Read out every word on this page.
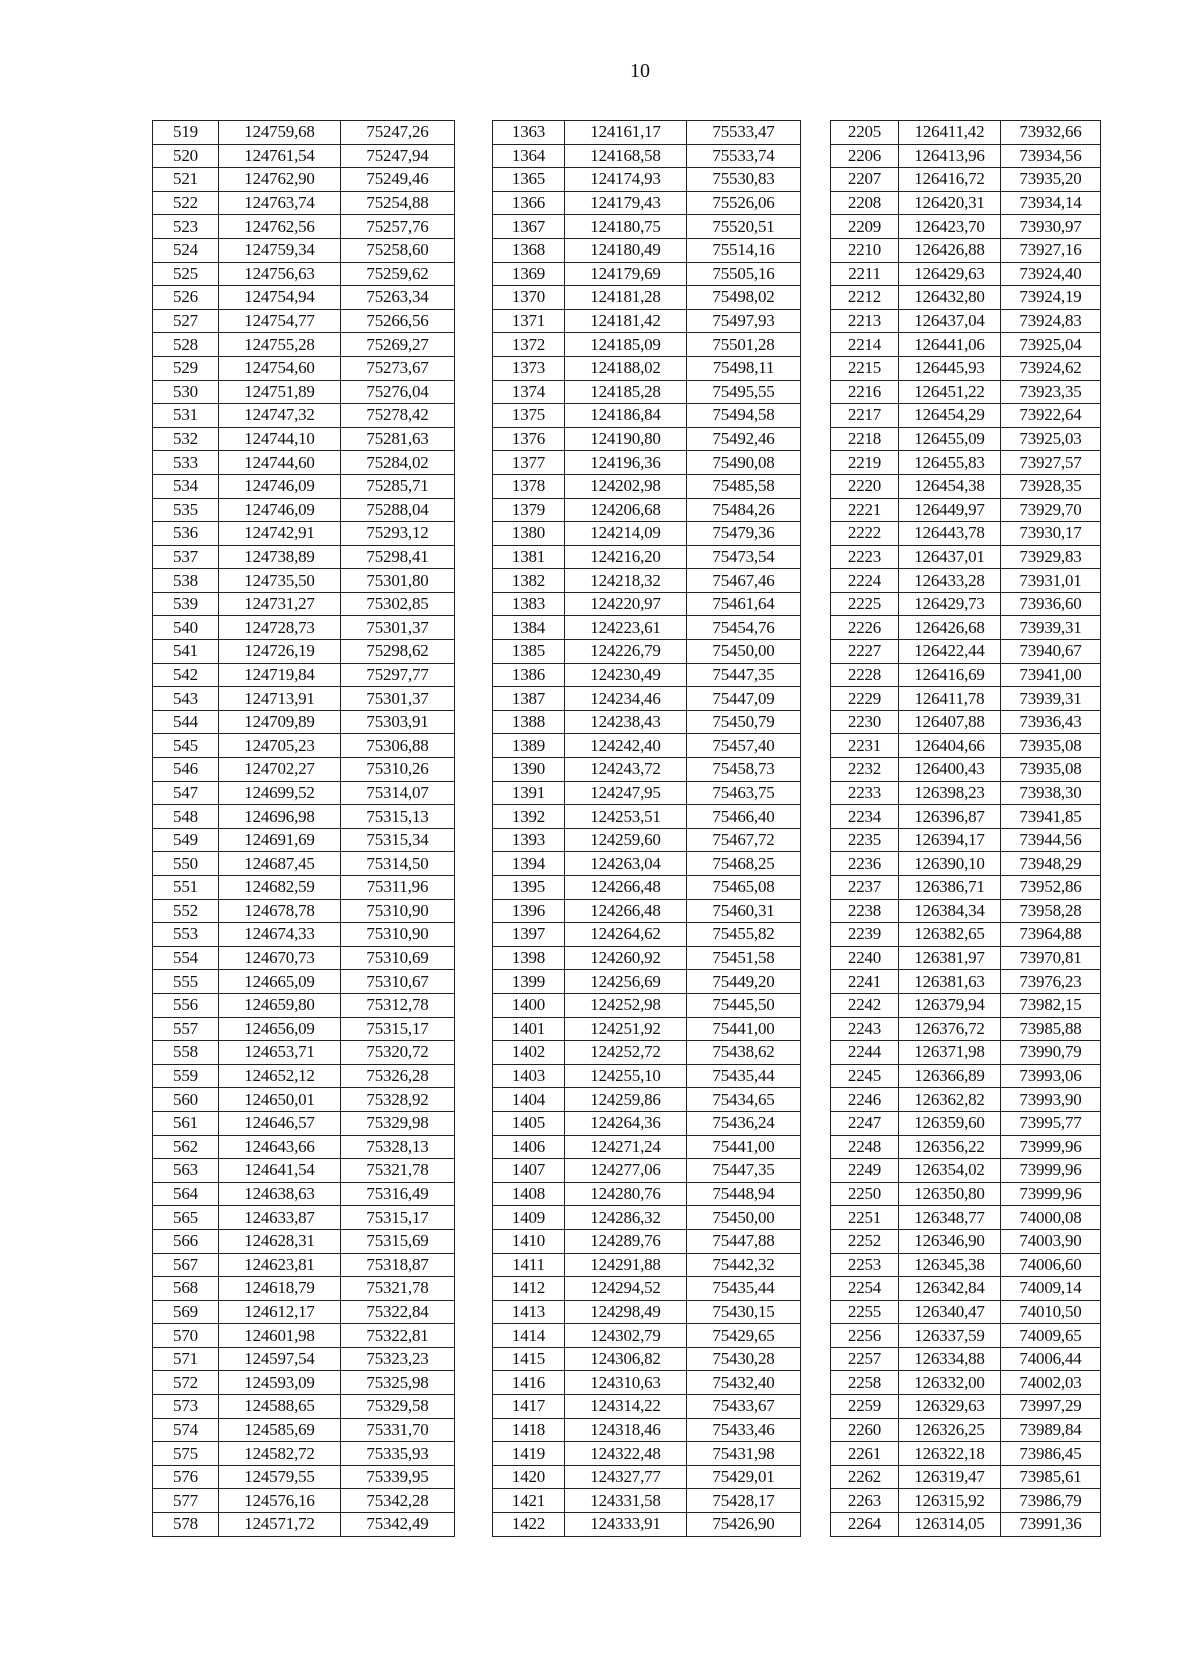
10
519	124759,68	75247,26		1363	124161,17	75533,47		2205	126411,42	73932,66
520	124761,54	75247,94		1364	124168,58	75533,74		2206	126413,96	73934,56
521	124762,90	75249,46		1365	124174,93	75530,83		2207	126416,72	73935,20
522	124763,74	75254,88		1366	124179,43	75526,06		2208	126420,31	73934,14
523	124762,56	75257,76		1367	124180,75	75520,51		2209	126423,70	73930,97
524	124759,34	75258,60		1368	124180,49	75514,16		2210	126426,88	73927,16
525	124756,63	75259,62		1369	124179,69	75505,16		2211	126429,63	73924,40
526	124754,94	75263,34		1370	124181,28	75498,02		2212	126432,80	73924,19
527	124754,77	75266,56		1371	124181,42	75497,93		2213	126437,04	73924,83
528	124755,28	75269,27		1372	124185,09	75501,28		2214	126441,06	73925,04
529	124754,60	75273,67		1373	124188,02	75498,11		2215	126445,93	73924,62
530	124751,89	75276,04		1374	124185,28	75495,55		2216	126451,22	73923,35
531	124747,32	75278,42		1375	124186,84	75494,58		2217	126454,29	73922,64
532	124744,10	75281,63		1376	124190,80	75492,46		2218	126455,09	73925,03
533	124744,60	75284,02		1377	124196,36	75490,08		2219	126455,83	73927,57
534	124746,09	75285,71		1378	124202,98	75485,58		2220	126454,38	73928,35
535	124746,09	75288,04		1379	124206,68	75484,26		2221	126449,97	73929,70
536	124742,91	75293,12		1380	124214,09	75479,36		2222	126443,78	73930,17
537	124738,89	75298,41		1381	124216,20	75473,54		2223	126437,01	73929,83
538	124735,50	75301,80		1382	124218,32	75467,46		2224	126433,28	73931,01
539	124731,27	75302,85		1383	124220,97	75461,64		2225	126429,73	73936,60
540	124728,73	75301,37		1384	124223,61	75454,76		2226	126426,68	73939,31
541	124726,19	75298,62		1385	124226,79	75450,00		2227	126422,44	73940,67
542	124719,84	75297,77		1386	124230,49	75447,35		2228	126416,69	73941,00
543	124713,91	75301,37		1387	124234,46	75447,09		2229	126411,78	73939,31
544	124709,89	75303,91		1388	124238,43	75450,79		2230	126407,88	73936,43
545	124705,23	75306,88		1389	124242,40	75457,40		2231	126404,66	73935,08
546	124702,27	75310,26		1390	124243,72	75458,73		2232	126400,43	73935,08
547	124699,52	75314,07		1391	124247,95	75463,75		2233	126398,23	73938,30
548	124696,98	75315,13		1392	124253,51	75466,40		2234	126396,87	73941,85
549	124691,69	75315,34		1393	124259,60	75467,72		2235	126394,17	73944,56
550	124687,45	75314,50		1394	124263,04	75468,25		2236	126390,10	73948,29
551	124682,59	75311,96		1395	124266,48	75465,08		2237	126386,71	73952,86
552	124678,78	75310,90		1396	124266,48	75460,31		2238	126384,34	73958,28
553	124674,33	75310,90		1397	124264,62	75455,82		2239	126382,65	73964,88
554	124670,73	75310,69		1398	124260,92	75451,58		2240	126381,97	73970,81
555	124665,09	75310,67		1399	124256,69	75449,20		2241	126381,63	73976,23
556	124659,80	75312,78		1400	124252,98	75445,50		2242	126379,94	73982,15
557	124656,09	75315,17		1401	124251,92	75441,00		2243	126376,72	73985,88
558	124653,71	75320,72		1402	124252,72	75438,62		2244	126371,98	73990,79
559	124652,12	75326,28		1403	124255,10	75435,44		2245	126366,89	73993,06
560	124650,01	75328,92		1404	124259,86	75434,65		2246	126362,82	73993,90
561	124646,57	75329,98		1405	124264,36	75436,24		2247	126359,60	73995,77
562	124643,66	75328,13		1406	124271,24	75441,00		2248	126356,22	73999,96
563	124641,54	75321,78		1407	124277,06	75447,35		2249	126354,02	73999,96
564	124638,63	75316,49		1408	124280,76	75448,94		2250	126350,80	73999,96
565	124633,87	75315,17		1409	124286,32	75450,00		2251	126348,77	74000,08
566	124628,31	75315,69		1410	124289,76	75447,88		2252	126346,90	74003,90
567	124623,81	75318,87		1411	124291,88	75442,32		2253	126345,38	74006,60
568	124618,79	75321,78		1412	124294,52	75435,44		2254	126342,84	74009,14
569	124612,17	75322,84		1413	124298,49	75430,15		2255	126340,47	74010,50
570	124601,98	75322,81		1414	124302,79	75429,65		2256	126337,59	74009,65
571	124597,54	75323,23		1415	124306,82	75430,28		2257	126334,88	74006,44
572	124593,09	75325,98		1416	124310,63	75432,40		2258	126332,00	74002,03
573	124588,65	75329,58		1417	124314,22	75433,67		2259	126329,63	73997,29
574	124585,69	75331,70		1418	124318,46	75433,46		2260	126326,25	73989,84
575	124582,72	75335,93		1419	124322,48	75431,98		2261	126322,18	73986,45
576	124579,55	75339,95		1420	124327,77	75429,01		2262	126319,47	73985,61
577	124576,16	75342,28		1421	124331,58	75428,17		2263	126315,92	73986,79
578	124571,72	75342,49		1422	124333,91	75426,90		2264	126314,05	73991,36
